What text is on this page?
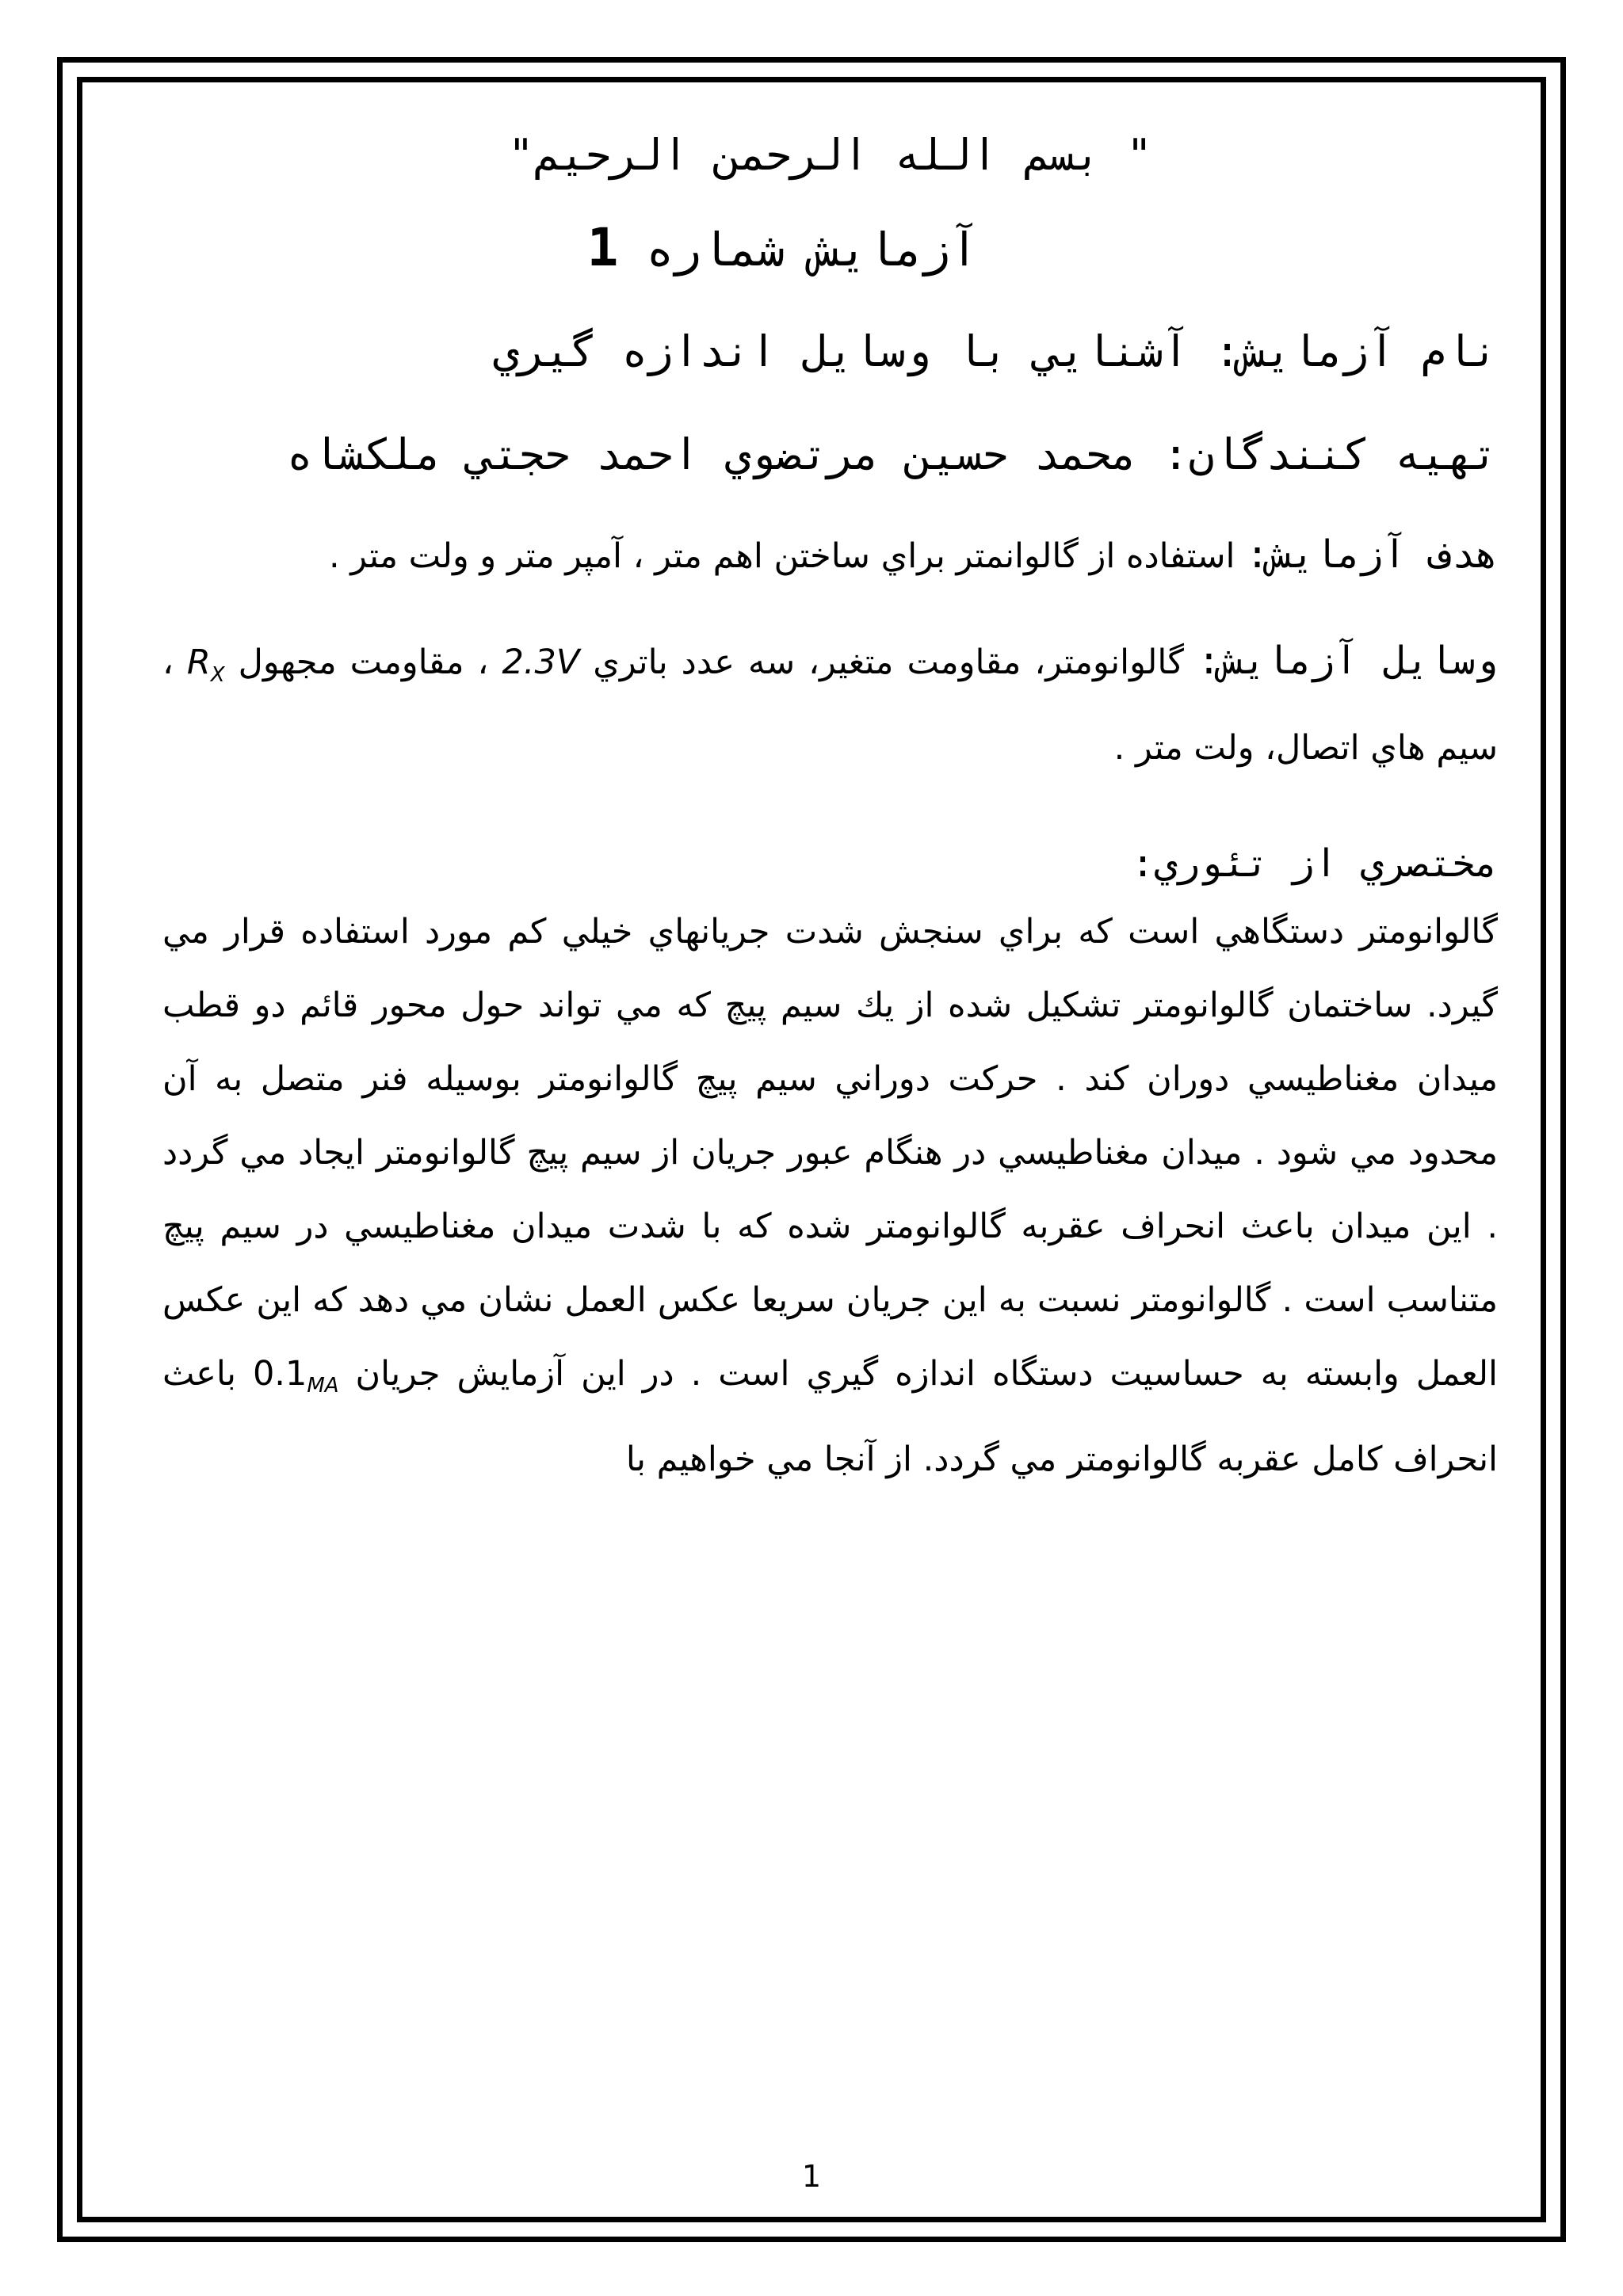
" بسم الله الرحمن الرحيم"
آزمايش شماره 1
نام آزمايش: آشنايي با وسايل اندازه گيري
تهيه كنندگان: محمد حسين مرتضوي احمد حجتي ملكشاه
هدف آزمايش: استفاده از گالوانمتر براي ساختن اهم متر ، آمپر متر و ولت متر .
وسايل آزمايش: گالوانومتر، مقاومت متغير، سه عدد باتري 2.3V ، مقاومت مجهول $R_X$ ، سيم هاي اتصال، ولت متر .
مختصري از تئوري:
گالوانومتر دستگاهي است كه براي سنجش شدت جريانهاي خيلي كم مورد استفاده قرار مي گيرد. ساختمان گالوانومتر تشكيل شده از يك سيم پيچ كه مي تواند حول محور قائم دو قطب ميدان مغناطيسي دوران كند . حركت دوراني سيم پيچ گالوانومتر بوسيله فنر متصل به آن محدود مي شود . ميدان مغناطيسي در هنگام عبور جريان از سيم پيچ گالوانومتر ايجاد مي گردد . اين ميدان باعث انحراف عقربه گالوانومتر شده كه با شدت ميدان مغناطيسي در سيم پيچ متناسب است . گالوانومتر نسبت به اين جريان سريعا عكس العمل نشان مي دهد كه اين عكس العمل وابسته به حساسيت دستگاه اندازه گيري است . در اين آزمايش جريان $0.1_{MA}$ باعث انحراف كامل عقربه گالوانومتر مي گردد. از آنجا مي خواهيم با
1
